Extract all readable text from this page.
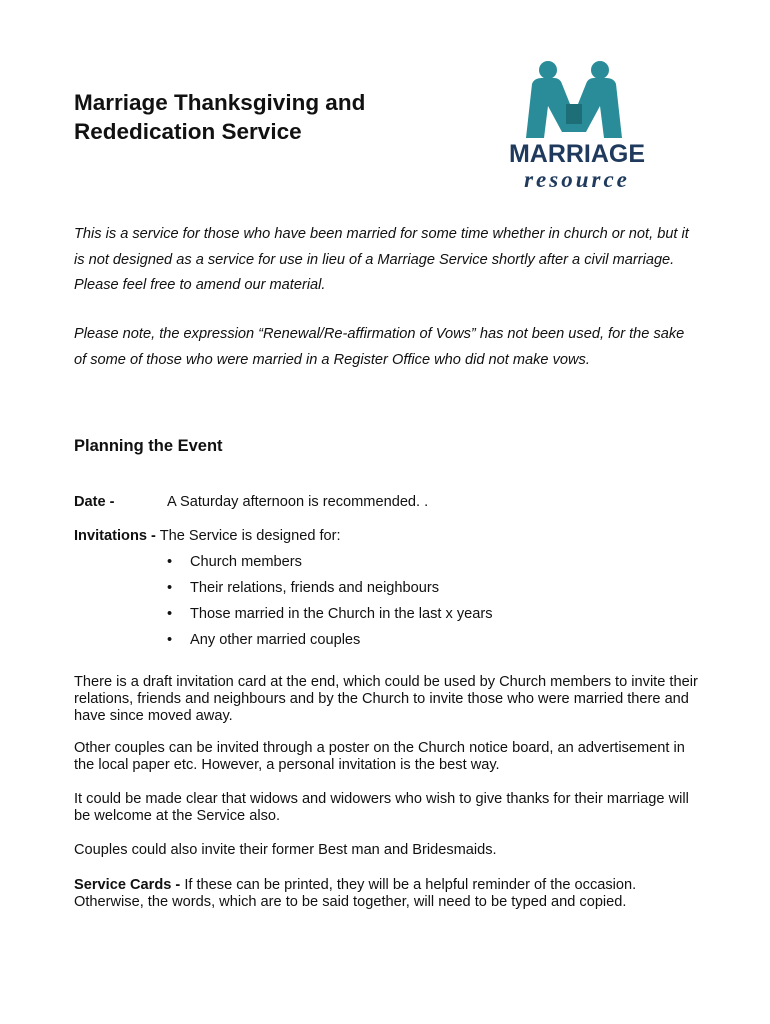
Marriage Thanksgiving and Rededication Service
MARRIAGE
resource

This is a service for those who have been married for some time whether in church or not, but it is not designed as a service for use in lieu of a Marriage Service shortly after a civil marriage. Please feel free to amend our material.

Please note, the expression “Renewal/Re-affirmation of Vows” has not been used, for the sake of some of those who were married in a Register Office who did not make vows.

Planning the Event
Date -	A Saturday afternoon is recommended. .
Invitations - The Service is designed for:
• Church members
• Their relations, friends and neighbours
• Those married in the Church in the last x years
• Any other married couples

There is a draft invitation card at the end, which could be used by Church members to invite their relations, friends and neighbours and by the Church to invite those who were married there and have since moved away.

Other couples can be invited through a poster on the Church notice board, an advertisement in the local paper etc. However, a personal invitation is the best way.

It could be made clear that widows and widowers who wish to give thanks for their marriage will be welcome at the Service also.

Couples could also invite their former Best man and Bridesmaids.

Service Cards - If these can be printed, they will be a helpful reminder of the occasion. Otherwise, the words, which are to be said together, will need to be typed and copied.
